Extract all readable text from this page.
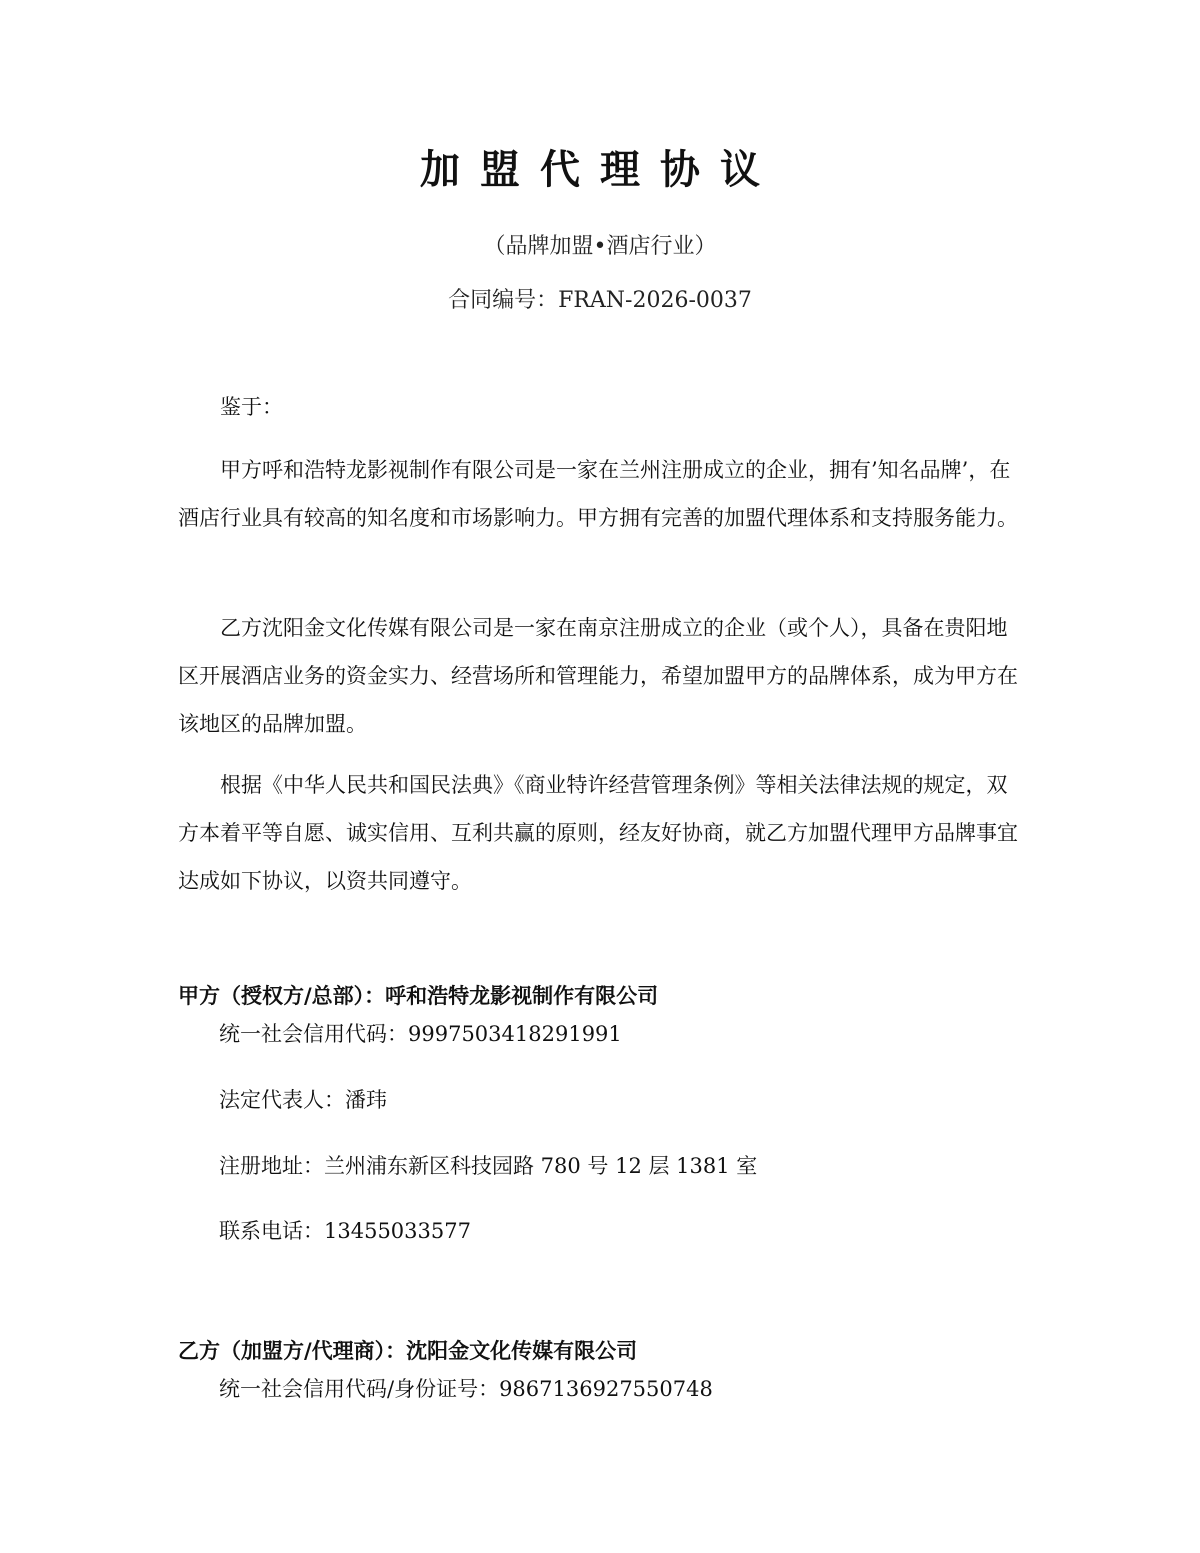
加盟代理协议
（品牌加盟•酒店行业）
合同编号：FRAN-2026-0037
鉴于：

甲方呼和浩特龙影视制作有限公司是一家在兰州注册成立的企业，拥有’知名品牌’，在酒店行业具有较高的知名度和市场影响力。甲方拥有完善的加盟代理体系和支持服务能力。

乙方沈阳金文化传媒有限公司是一家在南京注册成立的企业（或个人），具备在贵阳地区开展酒店业务的资金实力、经营场所和管理能力，希望加盟甲方的品牌体系，成为甲方在该地区的品牌加盟。

根据《中华人民共和国民法典》《商业特许经营管理条例》等相关法律法规的规定，双方本着平等自愿、诚实信用、互利共赢的原则，经友好协商，就乙方加盟代理甲方品牌事宜达成如下协议，以资共同遵守。

甲方（授权方/总部）：呼和浩特龙影视制作有限公司
统一社会信用代码：9997503418291991
法定代表人：潘玮
注册地址：兰州浦东新区科技园路 780 号 12 层 1381 室
联系电话：13455033577
乙方（加盟方/代理商）：沈阳金文化传媒有限公司
统一社会信用代码/身份证号：9867136927550748
